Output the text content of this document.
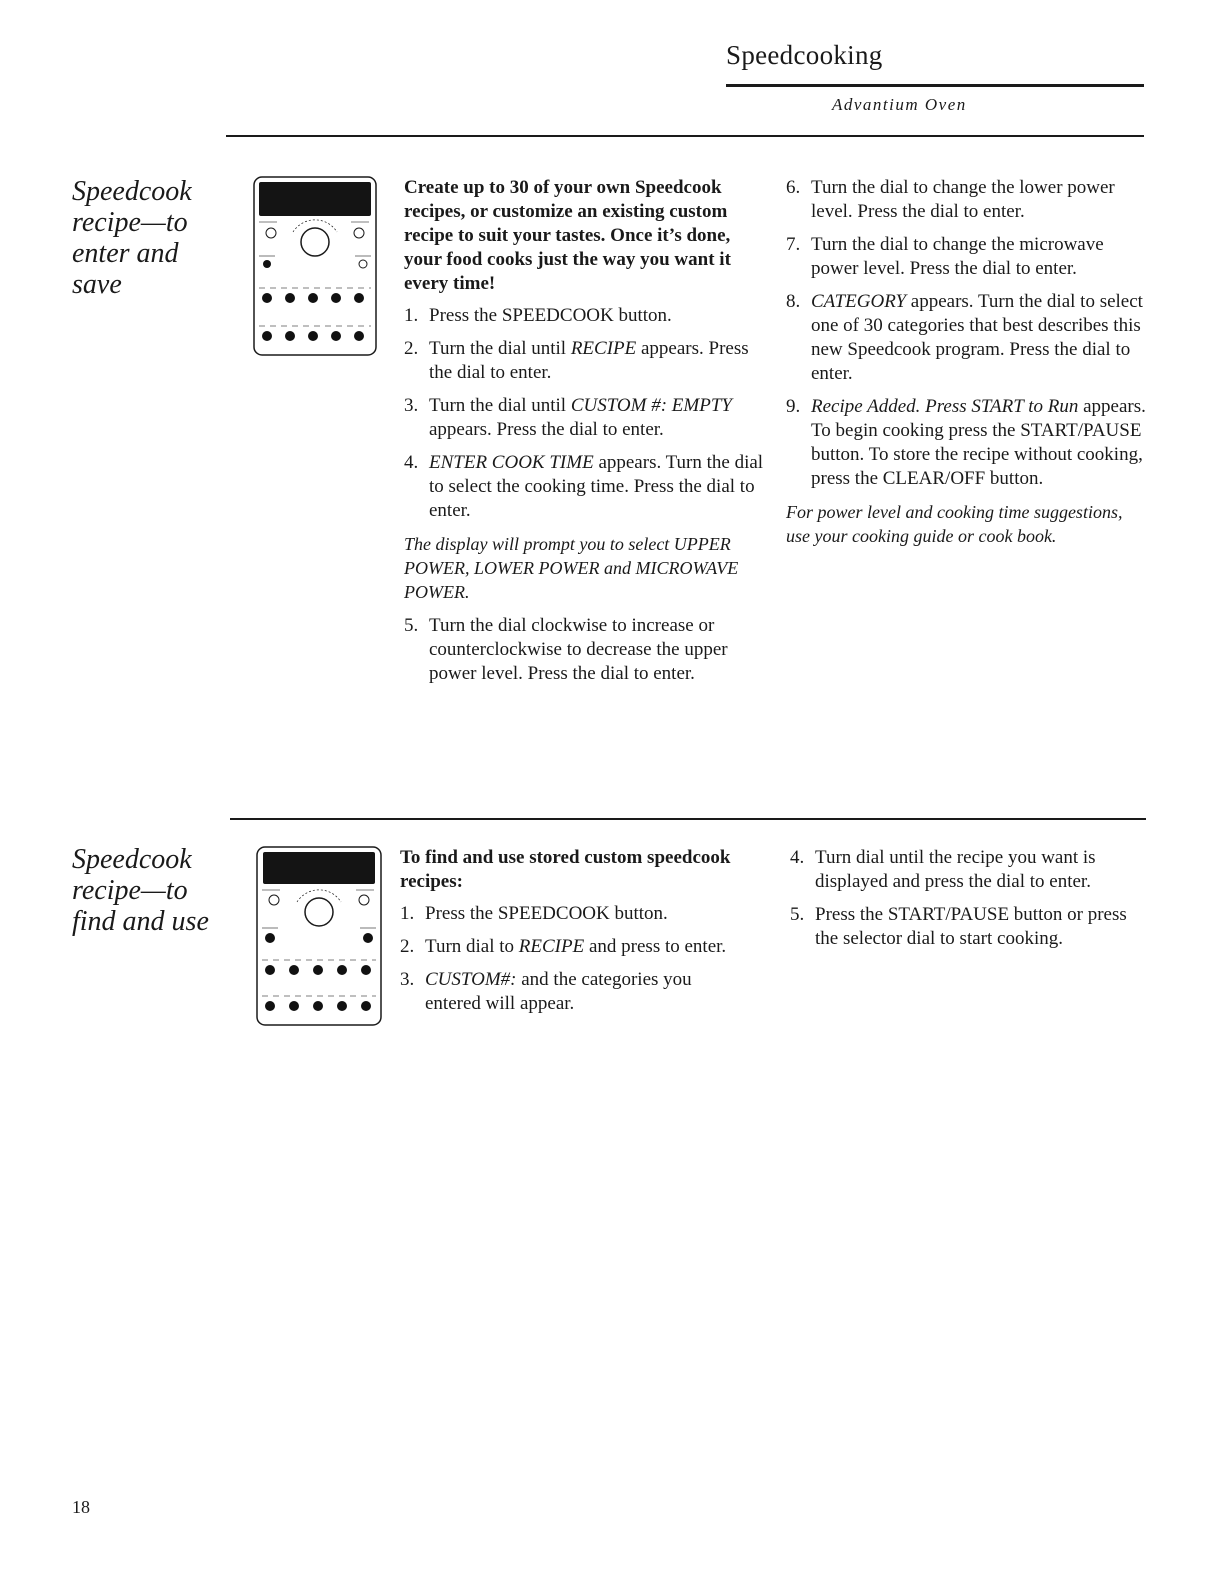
Speedcooking
Advantium Oven
Speedcook
recipe—to
enter and
save

Create up to 30 of your own Speedcook recipes, or customize an existing custom recipe to suit your tastes. Once it’s done, your food cooks just the way you want it every time!

1. Press the SPEEDCOOK button.
2. Turn the dial until RECIPE appears. Press the dial to enter.
3. Turn the dial until CUSTOM #: EMPTY appears. Press the dial to enter.
4. ENTER COOK TIME appears. Turn the dial to select the cooking time. Press the dial to enter.

The display will prompt you to select UPPER POWER, LOWER POWER and MICROWAVE POWER.

5. Turn the dial clockwise to increase or counterclockwise to decrease the upper power level. Press the dial to enter.
6. Turn the dial to change the lower power level. Press the dial to enter.
7. Turn the dial to change the microwave power level. Press the dial to enter.
8. CATEGORY appears. Turn the dial to select one of 30 categories that best describes this new Speedcook program. Press the dial to enter.
9. Recipe Added. Press START to Run appears. To begin cooking press the START/PAUSE button. To store the recipe without cooking, press the CLEAR/OFF button.

For power level and cooking time suggestions, use your cooking guide or cook book.

Speedcook
recipe—to
find and use

To find and use stored custom speedcook recipes:

1. Press the SPEEDCOOK button.
2. Turn dial to RECIPE and press to enter.
3. CUSTOM#: and the categories you entered will appear.
4. Turn dial until the recipe you want is displayed and press the dial to enter.
5. Press the START/PAUSE button or press the selector dial to start cooking.
18
